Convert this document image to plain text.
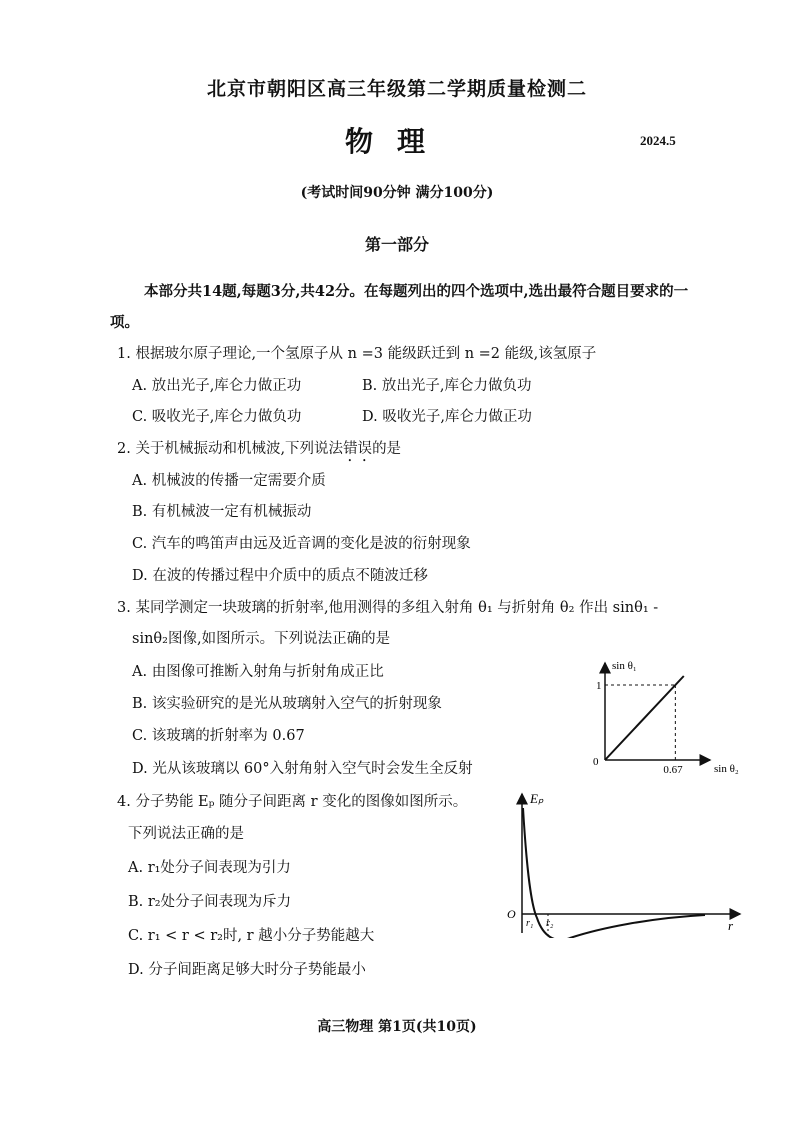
北京市朝阳区高三年级第二学期质量检测二
物理	2024.5
(考试时间90分钟 满分100分)
第一部分
本部分共14题,每题3分,共42分。在每题列出的四个选项中,选出最符合题目要求的一项。
1. 根据玻尔原子理论,一个氢原子从 n =3 能级跃迁到 n =2 能级,该氢原子
A. 放出光子,库仑力做正功	B. 放出光子,库仑力做负功
C. 吸收光子,库仑力做负功	D. 吸收光子,库仑力做正功
2. 关于机械振动和机械波,下列说法错误的是
A. 机械波的传播一定需要介质
B. 有机械波一定有机械振动
C. 汽车的鸣笛声由远及近音调的变化是波的衍射现象
D. 在波的传播过程中介质中的质点不随波迁移
3. 某同学测定一块玻璃的折射率,他用测得的多组入射角 θ₁ 与折射角 θ₂ 作出 sinθ₁ -
sinθ₂图像,如图所示。下列说法正确的是
A. 由图像可推断入射角与折射角成正比
B. 该实验研究的是光从玻璃射入空气的折射现象
C. 该玻璃的折射率为 0.67
D. 光从该玻璃以 60°入射角射入空气时会发生全反射
sin θ₁
sin θ₂
0
1
0.67
4. 分子势能 Eₚ 随分子间距离 r 变化的图像如图所示。
下列说法正确的是
A. r₁处分子间表现为引力
B. r₂处分子间表现为斥力
C. r₁ < r < r₂时, r 越小分子势能越大
D. 分子间距离足够大时分子势能最小
Eₚ
r
O
r₁ r₂
高三物理 第1页(共10页)
